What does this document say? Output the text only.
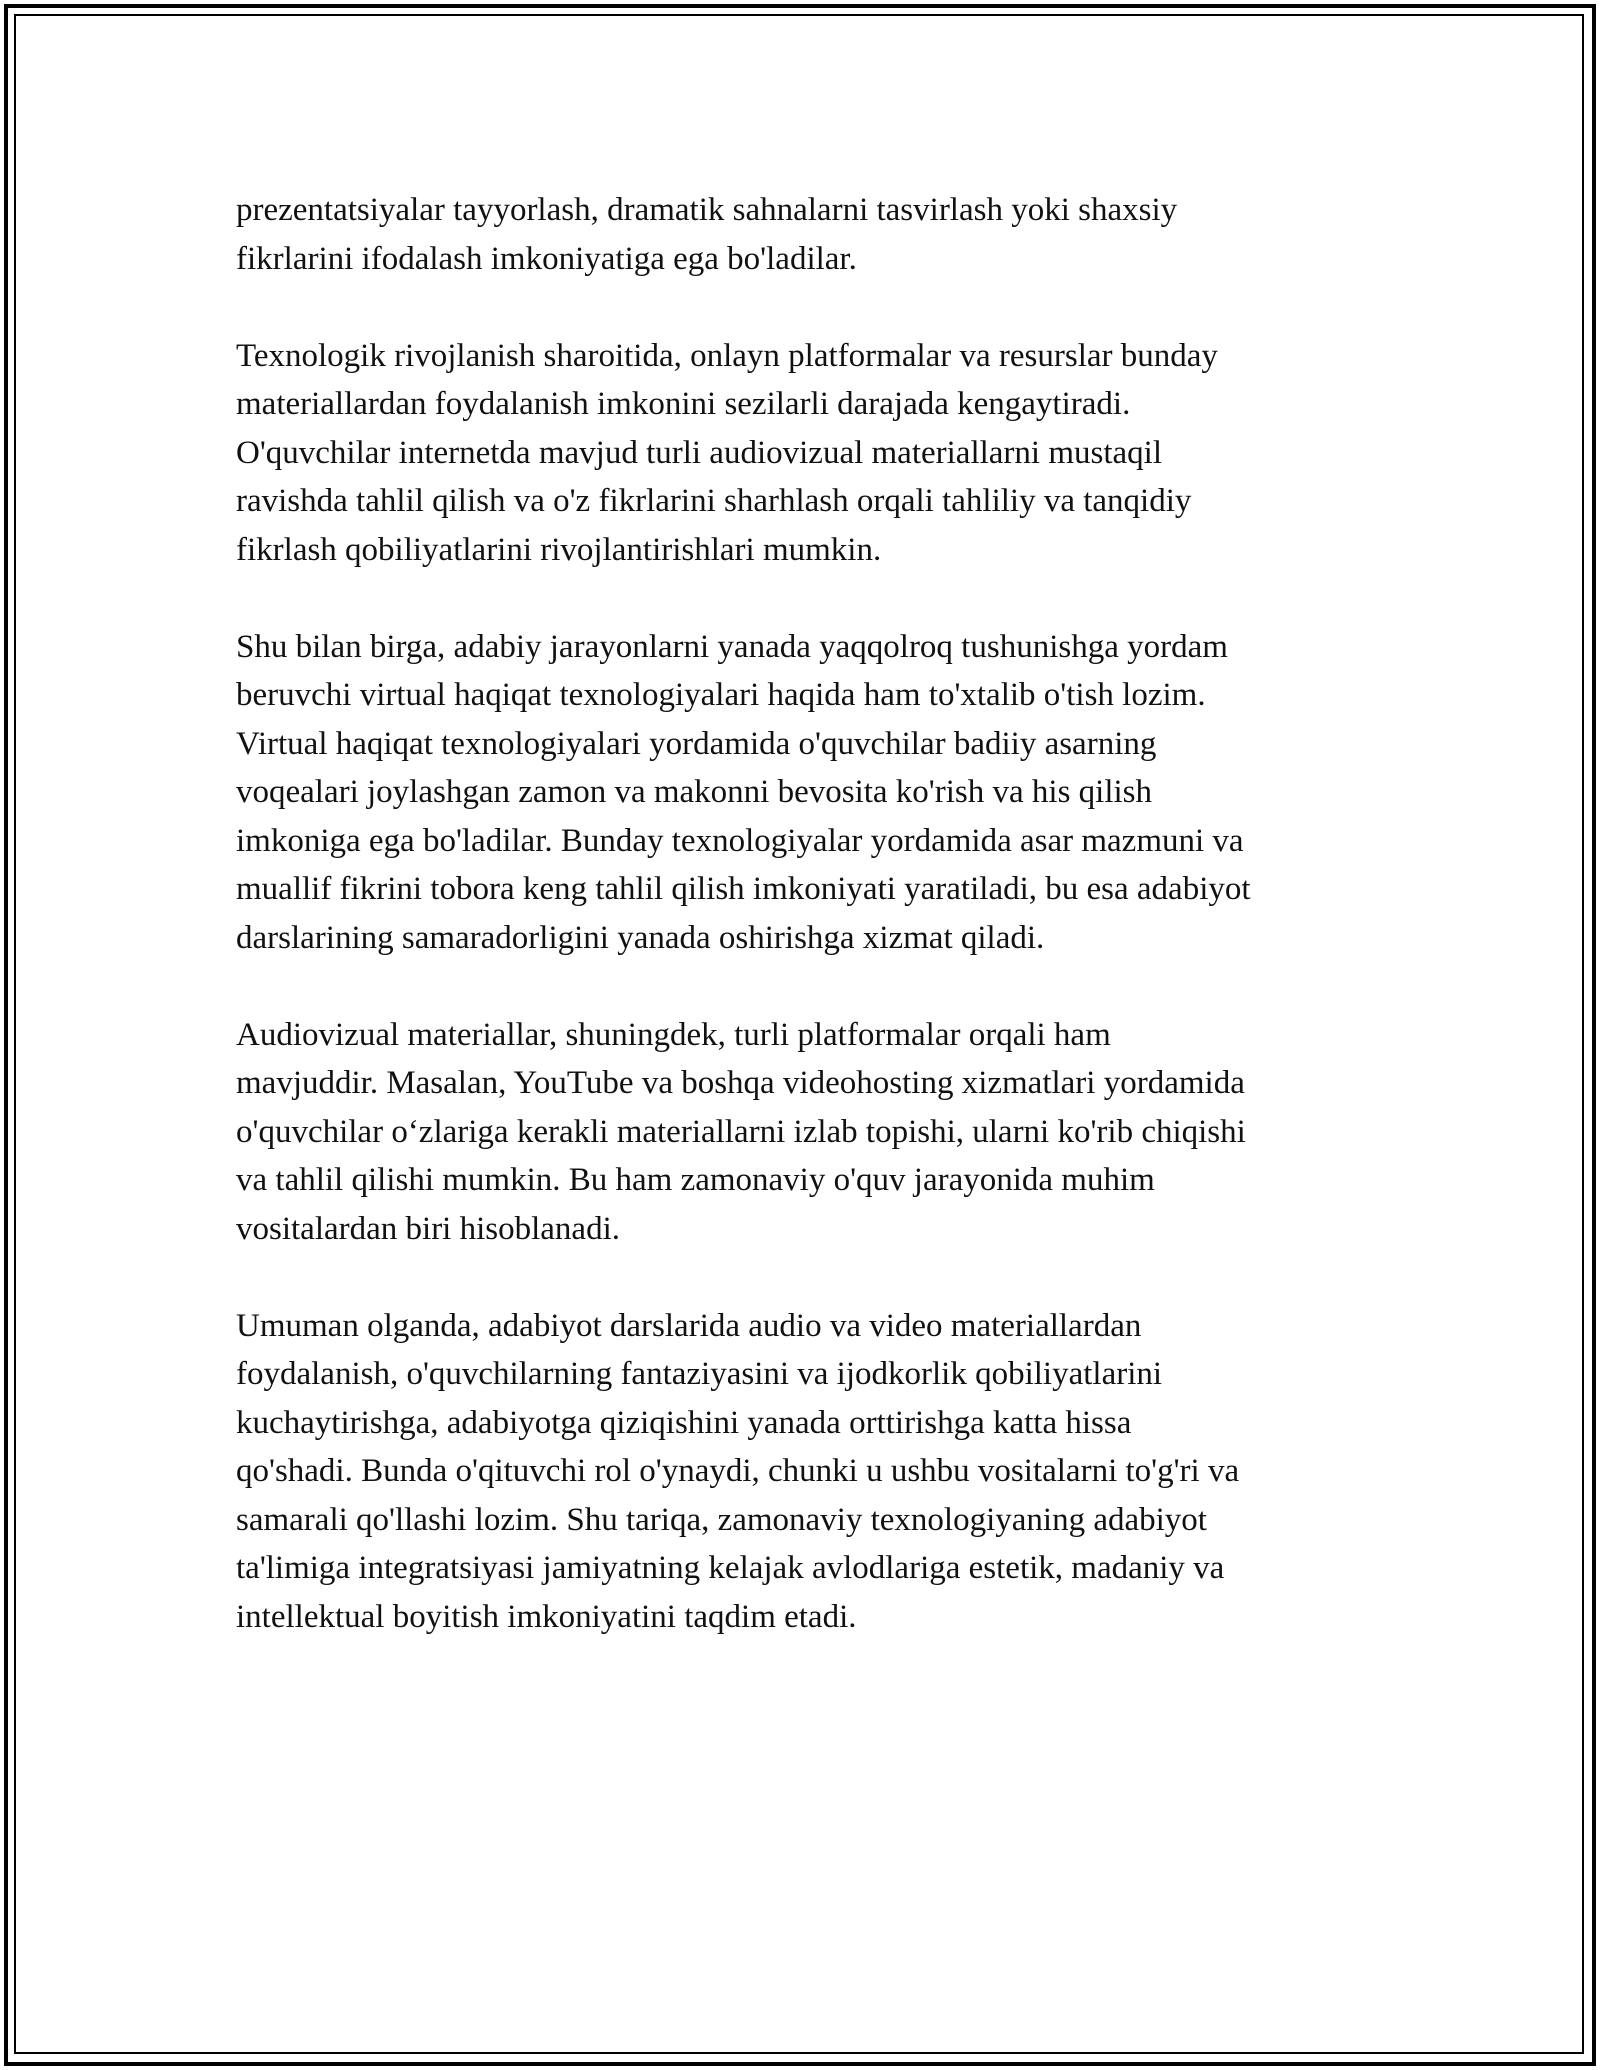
prezentatsiyalar tayyorlash, dramatik sahnalarni tasvirlash yoki shaxsiy
fikrlarini ifodalash imkoniyatiga ega bo'ladilar.

Texnologik rivojlanish sharoitida, onlayn platformalar va resurslar bunday
materiallardan foydalanish imkonini sezilarli darajada kengaytiradi.
O'quvchilar internetda mavjud turli audiovizual materiallarni mustaqil
ravishda tahlil qilish va o'z fikrlarini sharhlash orqali tahliliy va tanqidiy
fikrlash qobiliyatlarini rivojlantirishlari mumkin.

Shu bilan birga, adabiy jarayonlarni yanada yaqqolroq tushunishga yordam
beruvchi virtual haqiqat texnologiyalari haqida ham to'xtalib o'tish lozim.
Virtual haqiqat texnologiyalari yordamida o'quvchilar badiiy asarning
voqealari joylashgan zamon va makonni bevosita ko'rish va his qilish
imkoniga ega bo'ladilar. Bunday texnologiyalar yordamida asar mazmuni va
muallif fikrini tobora keng tahlil qilish imkoniyati yaratiladi, bu esa adabiyot
darslarining samaradorligini yanada oshirishga xizmat qiladi.

Audiovizual materiallar, shuningdek, turli platformalar orqali ham
mavjuddir. Masalan, YouTube va boshqa videohosting xizmatlari yordamida
o'quvchilar o‘zlariga kerakli materiallarni izlab topishi, ularni ko'rib chiqishi
va tahlil qilishi mumkin. Bu ham zamonaviy o'quv jarayonida muhim
vositalardan biri hisoblanadi.

Umuman olganda, adabiyot darslarida audio va video materiallardan
foydalanish, o'quvchilarning fantaziyasini va ijodkorlik qobiliyatlarini
kuchaytirishga, adabiyotga qiziqishini yanada orttirishga katta hissa
qo'shadi. Bunda o'qituvchi rol o'ynaydi, chunki u ushbu vositalarni to'g'ri va
samarali qo'llashi lozim. Shu tariqa, zamonaviy texnologiyaning adabiyot
ta'limiga integratsiyasi jamiyatning kelajak avlodlariga estetik, madaniy va
intellektual boyitish imkoniyatini taqdim etadi.
